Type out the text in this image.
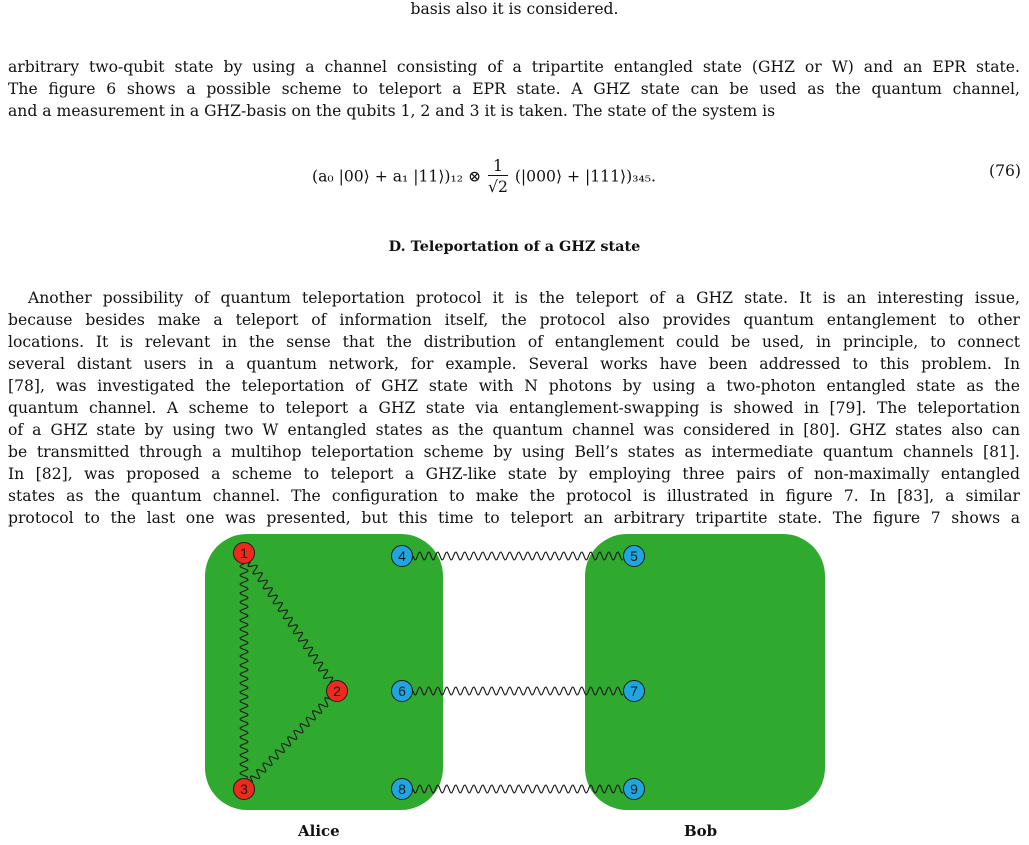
basis also it is considered.
arbitrary two-qubit state by using a channel consisting of a tripartite entangled state (GHZ or W) and an EPR state.
The figure 6 shows a possible scheme to teleport a EPR state. A GHZ state can be used as the quantum channel,
and a measurement in a GHZ-basis on the qubits 1, 2 and 3 it is taken. The state of the system is
(a₀ |00⟩ + a₁ |11⟩)₁₂ ⊗ $\frac{1}{√2}$ (|000⟩ + |111⟩)₃₄₅.	(76)
D. Teleportation of a GHZ state
Another possibility of quantum teleportation protocol it is the teleport of a GHZ state. It is an interesting issue,
because besides make a teleport of information itself, the protocol also provides quantum entanglement to other
locations. It is relevant in the sense that the distribution of entanglement could be used, in principle, to connect
several distant users in a quantum network, for example. Several works have been addressed to this problem. In
[78], was investigated the teleportation of GHZ state with N photons by using a two-photon entangled state as the
quantum channel. A scheme to teleport a GHZ state via entanglement-swapping is showed in [79]. The teleportation
of a GHZ state by using two W entangled states as the quantum channel was considered in [80]. GHZ states also can
be transmitted through a multihop teleportation scheme by using Bell’s states as intermediate quantum channels [81].
In [82], was proposed a scheme to teleport a GHZ-like state by employing three pairs of non-maximally entangled
states as the quantum channel. The configuration to make the protocol is illustrated in figure 7. In [83], a similar
protocol to the last one was presented, but this time to teleport an arbitrary tripartite state. The figure 7 shows a
1
2
3
4	5
6	7
8	9
Alice	Bob
